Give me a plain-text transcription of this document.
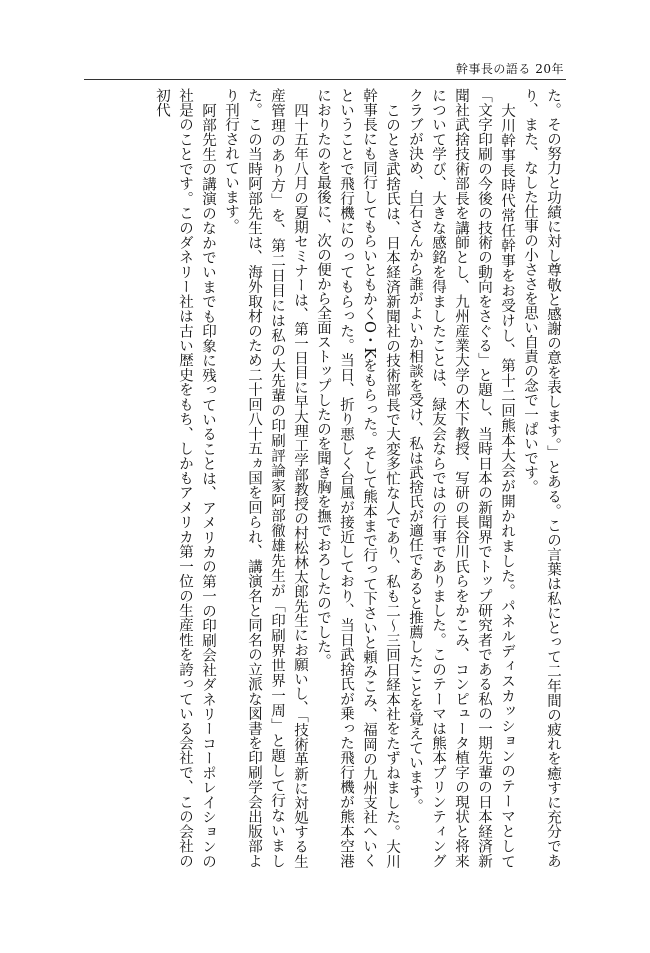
幹事長の語る 20年

た。その努力と功績に対し尊敬と感謝の意を表します。」とある。この言葉は私にとって二年間の疲れを癒すに充分であり、また、なした仕事の小ささを思い自責の念で一ぱいです。

大川幹事長時代常任幹事をお受けし、第十二回熊本大会が開かれました。パネルディスカッションのテーマとして「文字印刷の今後の技術の動向をさぐる」と題し、当時日本の新聞界でトップ研究者である私の一期先輩の日本経済新聞社武捨技術部長を講師とし、九州産業大学の木下教授、写研の長谷川氏らをかこみ、コンピュータ植字の現状と将来について学び、大きな感銘を得ましたことは、緑友会ならではの行事でありました。このテーマは熊本プリンティングクラブが決め、白石さんから誰がよいか相談を受け、私は武捨氏が適任であると推薦したことを覚えています。

このとき武捨氏は、日本経済新聞社の技術部長で大変多忙な人であり、私も二～三回日経本社をたずねました。大川幹事長にも同行してもらいともかくO・Kをもらった。そして熊本まで行って下さいと頼みこみ、福岡の九州支社へいくということで飛行機にのってもらった。当日、折り悪しく台風が接近しており、当日武捨氏が乗った飛行機が熊本空港におりたのを最後に、次の便から全面ストップしたのを聞き胸を撫でおろしたのでした。

四十五年八月の夏期セミナーは、第一日目に早大理工学部教授の村松林太郎先生にお願いし、「技術革新に対処する生産管理のあり方」を、第二日目には私の大先輩の印刷評論家阿部徹雄先生が「印刷界世界一周」と題して行ないました。この当時阿部先生は、海外取材のため二十回八十五ヵ国を回られ、講演名と同名の立派な図書を印刷学会出版部より刊行されています。

阿部先生の講演のなかでいまでも印象に残っていることは、アメリカの第一の印刷会社ダネリーコーポレイションの社是のことです。このダネリー社は古い歴史をもち、しかもアメリカ第一位の生産性を誇っている会社で、この会社の初代
